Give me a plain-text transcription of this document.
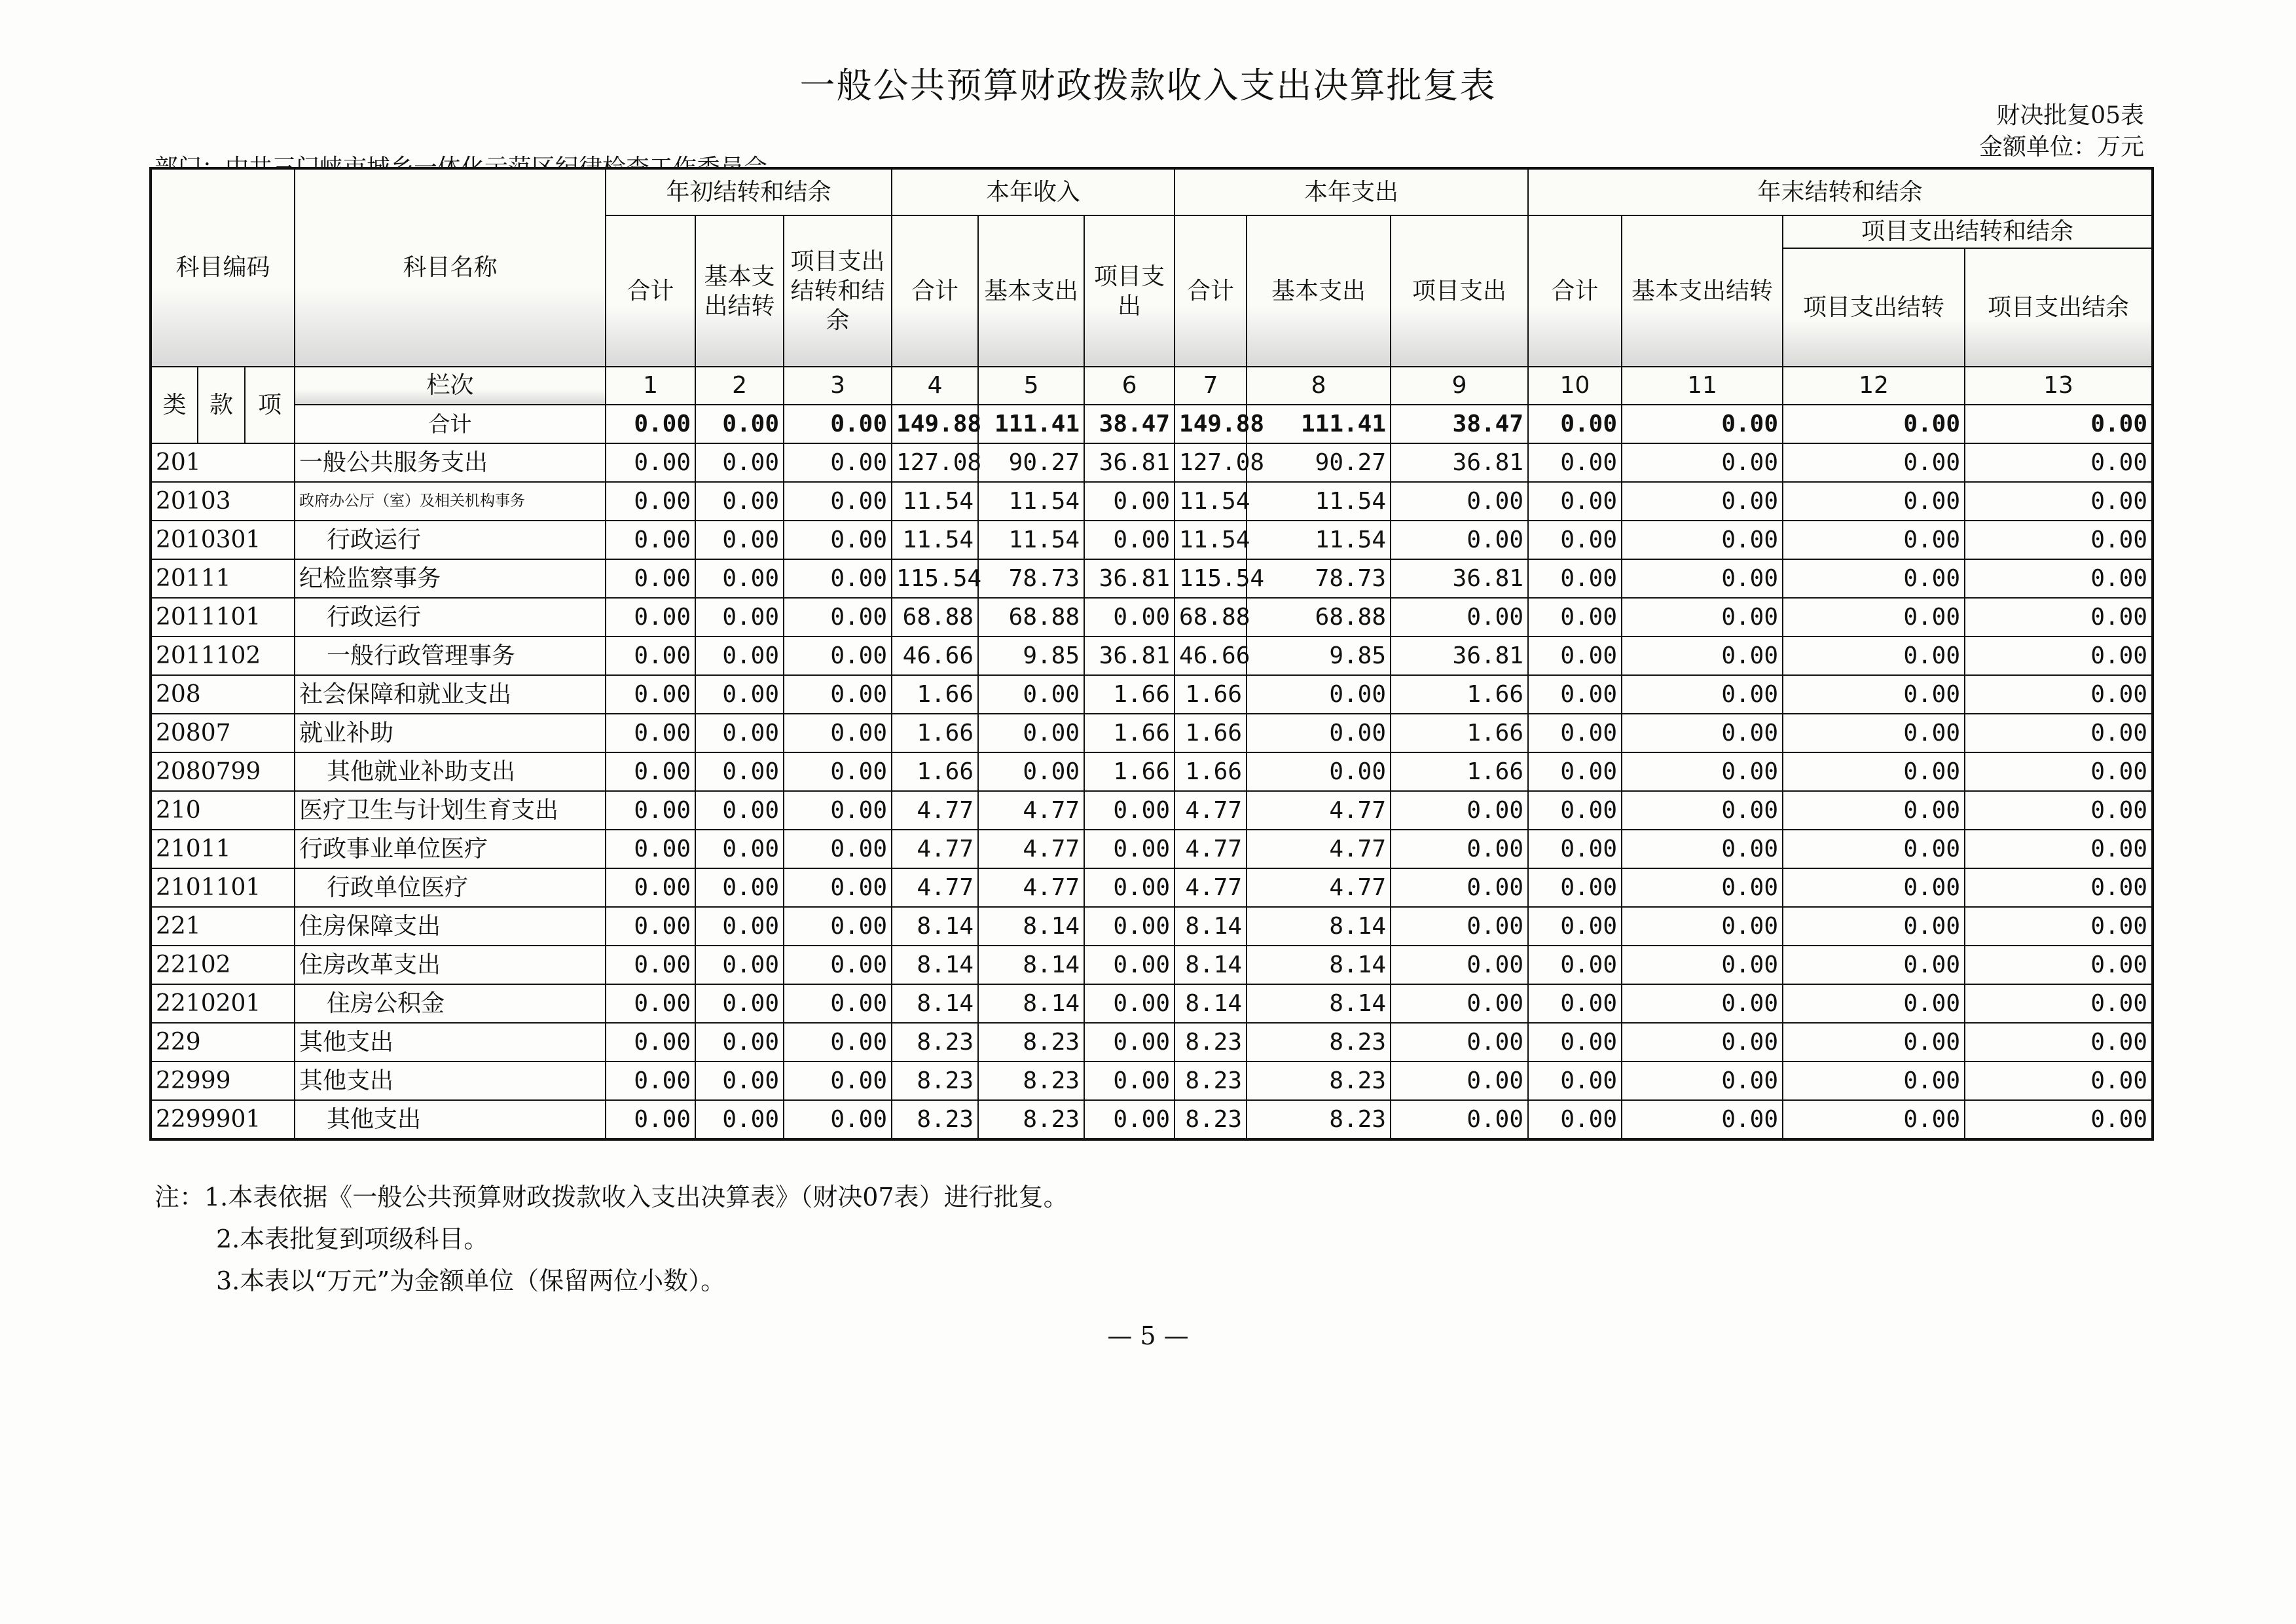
一般公共预算财政拨款收入支出决算批复表
财决批复05表
金额单位：万元
科目编码			科目名称	年初结转和结余			本年收入			本年支出			年末结转和结余			
				合计	基本支出结转	项目支出结转和结余	合计	基本支出	项目支出	合计	基本支出	项目支出	合计	基本支出结转	项目支出结转和结余	
															项目支出结转	项目支出结余
类	款	项	栏次	1	2	3	4	5	6	7	8	9	10	11	12	13
			合计	0.00	0.00	0.00	149.88	111.41	38.47	149.88	111.41	38.47	0.00	0.00	0.00	0.00
201			一般公共服务支出	0.00	0.00	0.00	127.08	90.27	36.81	127.08	90.27	36.81	0.00	0.00	0.00	0.00
20103			政府办公厅（室）及相关机构事务	0.00	0.00	0.00	11.54	11.54	0.00	11.54	11.54	0.00	0.00	0.00	0.00	0.00
2010301			行政运行	0.00	0.00	0.00	11.54	11.54	0.00	11.54	11.54	0.00	0.00	0.00	0.00	0.00
20111			纪检监察事务	0.00	0.00	0.00	115.54	78.73	36.81	115.54	78.73	36.81	0.00	0.00	0.00	0.00
2011101			行政运行	0.00	0.00	0.00	68.88	68.88	0.00	68.88	68.88	0.00	0.00	0.00	0.00	0.00
2011102			一般行政管理事务	0.00	0.00	0.00	46.66	9.85	36.81	46.66	9.85	36.81	0.00	0.00	0.00	0.00
208			社会保障和就业支出	0.00	0.00	0.00	1.66	0.00	1.66	1.66	0.00	1.66	0.00	0.00	0.00	0.00
20807			就业补助	0.00	0.00	0.00	1.66	0.00	1.66	1.66	0.00	1.66	0.00	0.00	0.00	0.00
2080799			其他就业补助支出	0.00	0.00	0.00	1.66	0.00	1.66	1.66	0.00	1.66	0.00	0.00	0.00	0.00
210			医疗卫生与计划生育支出	0.00	0.00	0.00	4.77	4.77	0.00	4.77	4.77	0.00	0.00	0.00	0.00	0.00
21011			行政事业单位医疗	0.00	0.00	0.00	4.77	4.77	0.00	4.77	4.77	0.00	0.00	0.00	0.00	0.00
2101101			行政单位医疗	0.00	0.00	0.00	4.77	4.77	0.00	4.77	4.77	0.00	0.00	0.00	0.00	0.00
221			住房保障支出	0.00	0.00	0.00	8.14	8.14	0.00	8.14	8.14	0.00	0.00	0.00	0.00	0.00
22102			住房改革支出	0.00	0.00	0.00	8.14	8.14	0.00	8.14	8.14	0.00	0.00	0.00	0.00	0.00
2210201			住房公积金	0.00	0.00	0.00	8.14	8.14	0.00	8.14	8.14	0.00	0.00	0.00	0.00	0.00
229			其他支出	0.00	0.00	0.00	8.23	8.23	0.00	8.23	8.23	0.00	0.00	0.00	0.00	0.00
22999			其他支出	0.00	0.00	0.00	8.23	8.23	0.00	8.23	8.23	0.00	0.00	0.00	0.00	0.00
2299901			其他支出	0.00	0.00	0.00	8.23	8.23	0.00	8.23	8.23	0.00	0.00	0.00	0.00	0.00
注：1.本表依据《一般公共预算财政拨款收入支出决算表》（财决07表）进行批复。
2.本表批复到项级科目。
3.本表以“万元”为金额单位（保留两位小数）。
— 5 —
